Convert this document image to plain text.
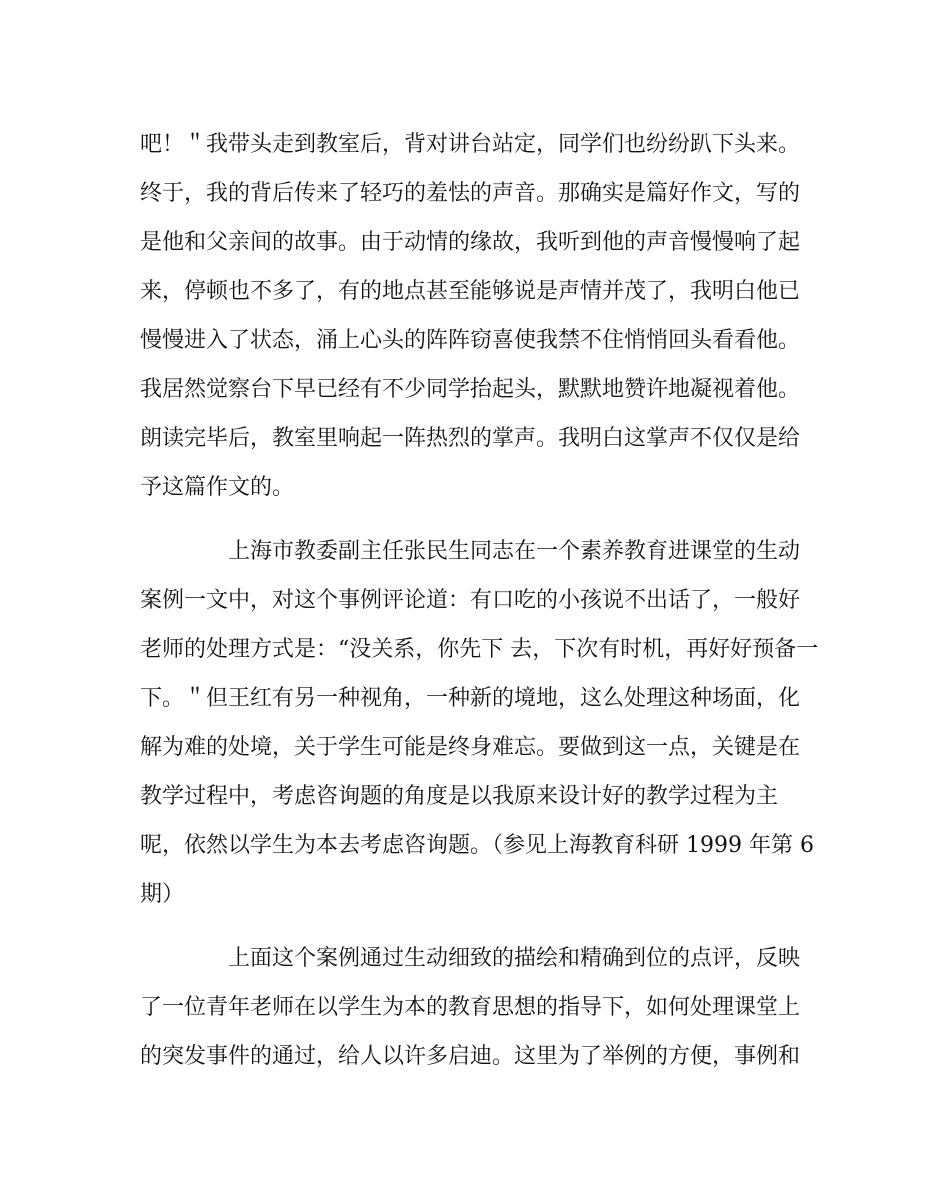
吧！＂我带头走到教室后，背对讲台站定，同学们也纷纷趴下头来。

终于，我的背后传来了轻巧的羞怯的声音。那确实是篇好作文，写的

是他和父亲间的故事。由于动情的缘故，我听到他的声音慢慢响了起

来，停顿也不多了，有的地点甚至能够说是声情并茂了，我明白他已

慢慢进入了状态，涌上心头的阵阵窃喜使我禁不住悄悄回头看看他。

我居然觉察台下早已经有不少同学抬起头，默默地赞许地凝视着他。

朗读完毕后，教室里响起一阵热烈的掌声。我明白这掌声不仅仅是给

予这篇作文的。

上海市教委副主任张民生同志在一个素养教育进课堂的生动

案例一文中，对这个事例评论道：有口吃的小孩说不出话了，一般好

老师的处理方式是：“没关系，你先下 去，下次有时机，再好好预备一

下。＂但王红有另一种视角，一种新的境地，这么处理这种场面，化

解为难的处境，关于学生可能是终身难忘。要做到这一点，关键是在

教学过程中，考虑咨询题的角度是以我原来设计好的教学过程为主

呢，依然以学生为本去考虑咨询题。（参见上海教育科研 1999 年第 6

期）

上面这个案例通过生动细致的描绘和精确到位的点评，反映

了一位青年老师在以学生为本的教育思想的指导下，如何处理课堂上

的突发事件的通过，给人以许多启迪。这里为了举例的方便，事例和
